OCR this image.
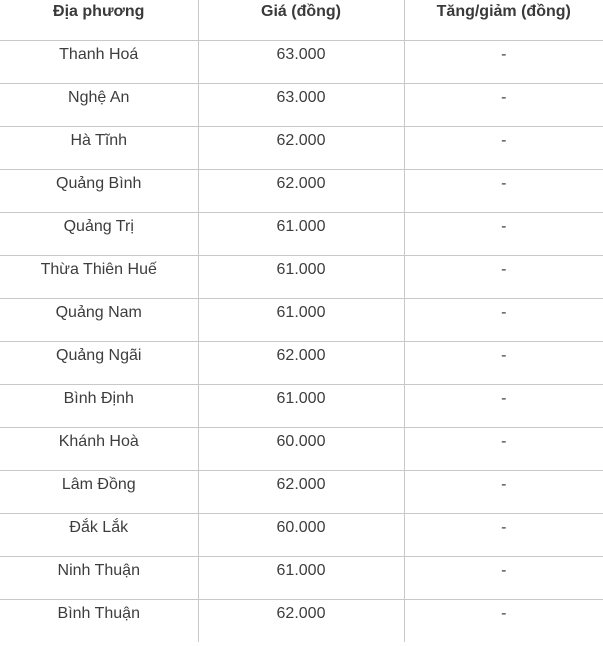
Địa phương	Giá (đồng)	Tăng/giảm (đồng)
Thanh Hoá	63.000	-
Nghệ An	63.000	-
Hà Tĩnh	62.000	-
Quảng Bình	62.000	-
Quảng Trị	61.000	-
Thừa Thiên Huế	61.000	-
Quảng Nam	61.000	-
Quảng Ngãi	62.000	-
Bình Định	61.000	-
Khánh Hoà	60.000	-
Lâm Đồng	62.000	-
Đắk Lắk	60.000	-
Ninh Thuận	61.000	-
Bình Thuận	62.000	-
